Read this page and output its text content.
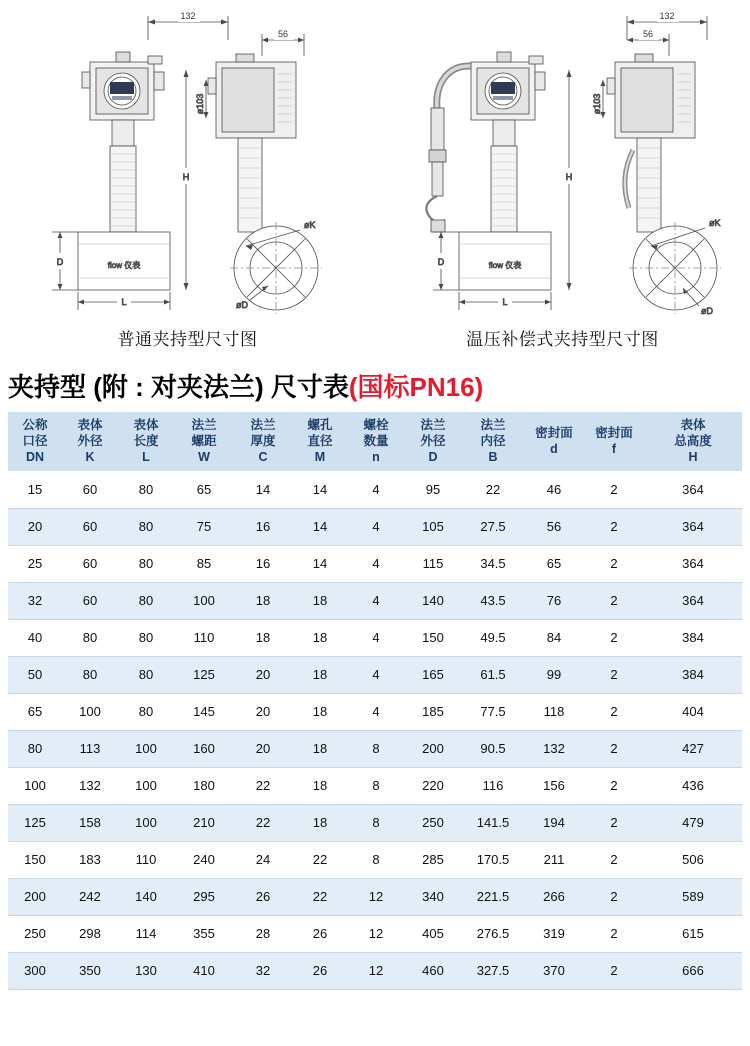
flow 仪表
H
ø103
øK
øD
D
L
132
56
普通夹持型尺寸图
flow 仪表
H
ø103
øK
øD
D
L
132
56
温压补偿式夹持型尺寸图
夹持型 (附 : 对夹法兰) 尺寸表 (国标PN16)
公称
口径
DN	表体
外径
K	表体
长度
L	法兰
螺距
W	法兰
厚度
C	螺孔
直径
M	螺栓
数量
n	法兰
外径
D	法兰
内径
B	密封面
d	密封面
f	表体
总高度
H

15	60	80	65	14	14	4	95	22	46	2	364
20	60	80	75	16	14	4	105	27.5	56	2	364
25	60	80	85	16	14	4	115	34.5	65	2	364
32	60	80	100	18	18	4	140	43.5	76	2	364
40	80	80	110	18	18	4	150	49.5	84	2	384
50	80	80	125	20	18	4	165	61.5	99	2	384
65	100	80	145	20	18	4	185	77.5	118	2	404
80	113	100	160	20	18	8	200	90.5	132	2	427
100	132	100	180	22	18	8	220	116	156	2	436
125	158	100	210	22	18	8	250	141.5	194	2	479
150	183	110	240	24	22	8	285	170.5	211	2	506
200	242	140	295	26	22	12	340	221.5	266	2	589
250	298	114	355	28	26	12	405	276.5	319	2	615
300	350	130	410	32	26	12	460	327.5	370	2	666
